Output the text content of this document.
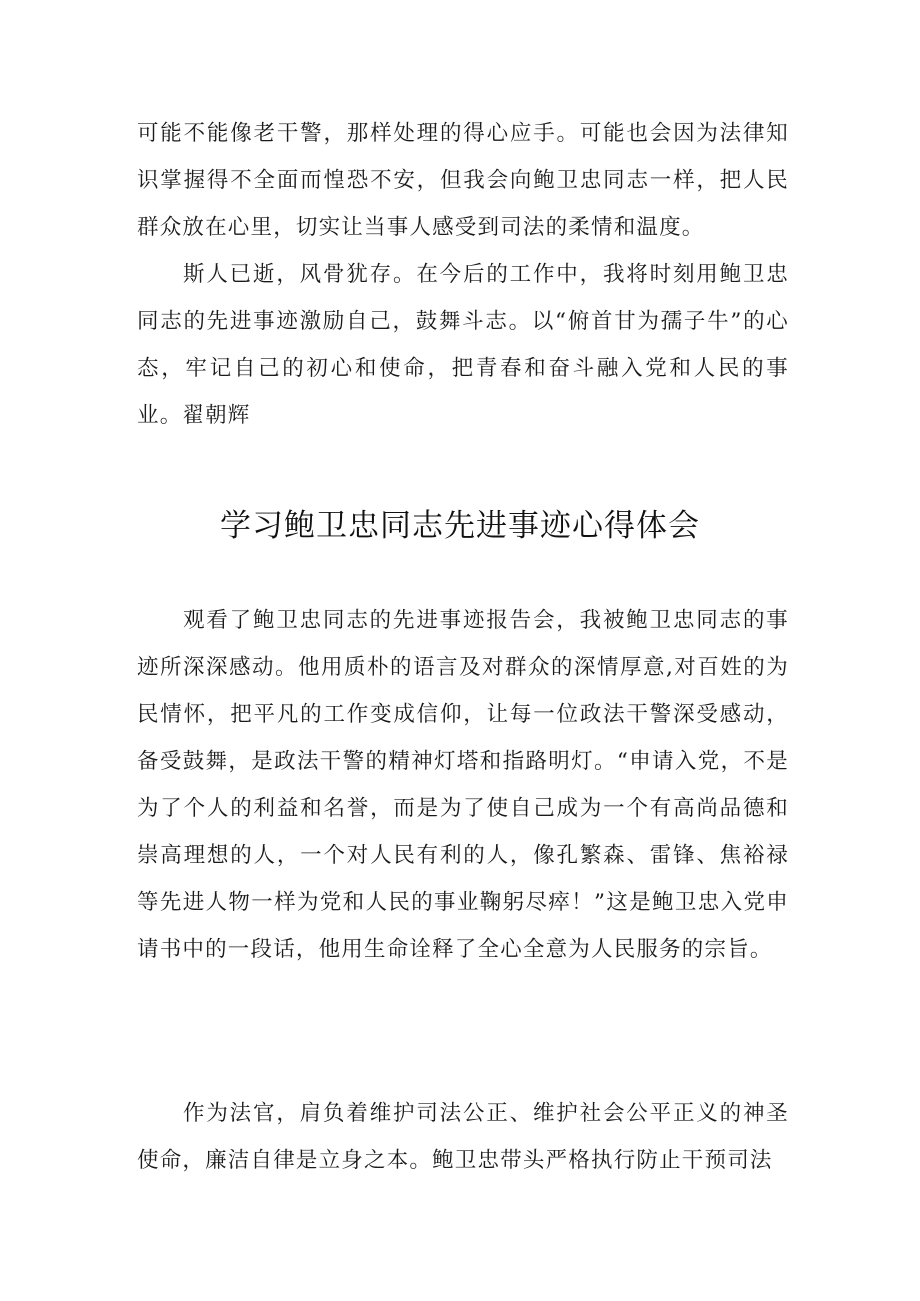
可能不能像老干警，那样处理的得心应手。可能也会因为法律知识掌握得不全面而惶恐不安，但我会向鲍卫忠同志一样，把人民群众放在心里，切实让当事人感受到司法的柔情和温度。

斯人已逝，风骨犹存。在今后的工作中，我将时刻用鲍卫忠同志的先进事迹激励自己，鼓舞斗志。以“俯首甘为孺子牛”的心态，牢记自己的初心和使命，把青春和奋斗融入党和人民的事业。翟朝辉

学习鲍卫忠同志先进事迹心得体会

观看了鲍卫忠同志的先进事迹报告会，我被鲍卫忠同志的事迹所深深感动。他用质朴的语言及对群众的深情厚意,对百姓的为民情怀，把平凡的工作变成信仰，让每一位政法干警深受感动，备受鼓舞，是政法干警的精神灯塔和指路明灯。“申请入党，不是为了个人的利益和名誉，而是为了使自己成为一个有高尚品德和崇高理想的人，一个对人民有利的人，像孔繁森、雷锋、焦裕禄等先进人物一样为党和人民的事业鞠躬尽瘁！”这是鲍卫忠入党申请书中的一段话，他用生命诠释了全心全意为人民服务的宗旨。

作为法官，肩负着维护司法公正、维护社会公平正义的神圣使命，廉洁自律是立身之本。鲍卫忠带头严格执行防止干预司法
